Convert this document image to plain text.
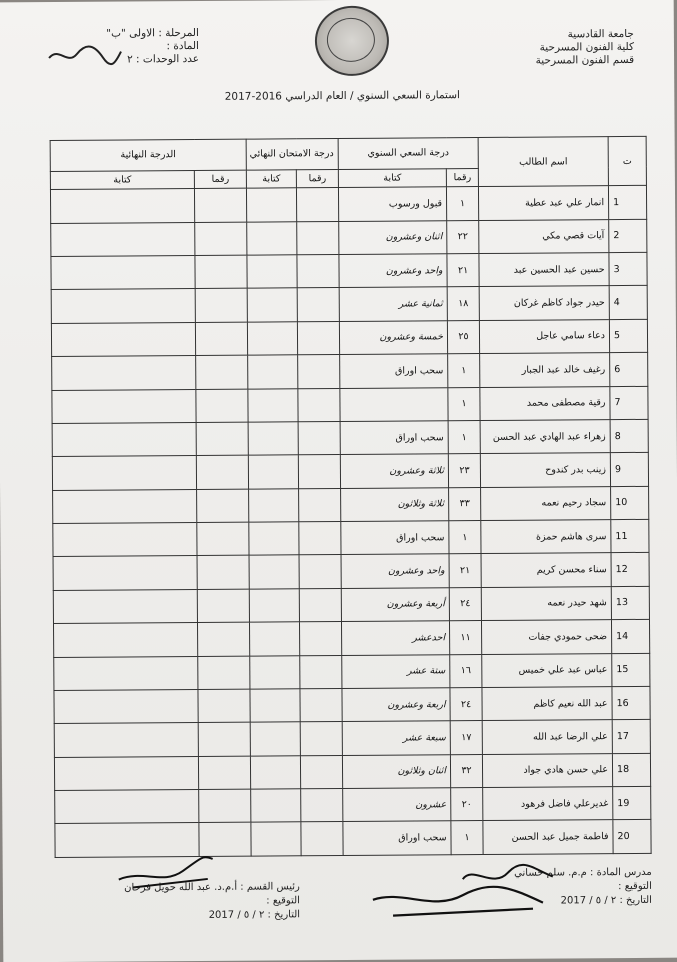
جامعة القادسية
كلية الفنون المسرحية
قسم الفنون المسرحية
المرحلة : الاولى "ب"
المادة :
عدد الوحدات : ٢
استمارة السعي السنوي / العام الدراسي 2016-2017
ت	اسم الطالب	درجة السعي السنوي		درجة الامتحان النهائي		الدرجة النهائية	
		رقما	كتابة	رقما	كتابة	رقما	كتابة
1	انمار علي عبد عطية	١	قبول ورسوب				
2	آيات قصي مكي	٢٢	اثنان وعشرون				
3	حسين عبد الحسين عبد	٢١	واحد وعشرون				
4	حيدر جواد كاظم غركان	١٨	ثمانية عشر				
5	دعاء سامي عاجل	٢٥	خمسة وعشرون				
6	رغيف خالد عبد الجبار	١	سحب اوراق				
7	رقية مصطفى محمد	١					
8	زهراء عبد الهادي عبد الحسن	١	سحب اوراق				
9	زينب بدر كندوح	٢٣	ثلاثة وعشرون				
10	سجاد رحيم نعمه	٣٣	ثلاثة وثلاثون				
11	سرى هاشم حمزة	١	سحب اوراق				
12	سناء محسن كريم	٢١	واحد وعشرون				
13	شهد حيدر نعمه	٢٤	أربعة وعشرون				
14	ضحى حمودي جفات	١١	احدعشر				
15	عباس عبد علي خميس	١٦	ستة عشر				
16	عبد الله نعيم كاظم	٢٤	اربعة وعشرون				
17	علي الرضا عبد الله	١٧	سبعة عشر				
18	علي حسن هادي جواد	٣٢	اثنان وثلاثون				
19	غديرعلي فاضل فرهود	٢٠	عشرون				
20	فاطمة جميل عبد الحسن	١	سحب اوراق				
مدرس المادة : م.م. سلم حساني
التوقيع :
التاريخ : ٢ / ٥ / 2017
رئيس القسم : أ.م.د. عبد الله حويل فرحان
التوقيع :
التاريخ : ٢ / ٥ / 2017
